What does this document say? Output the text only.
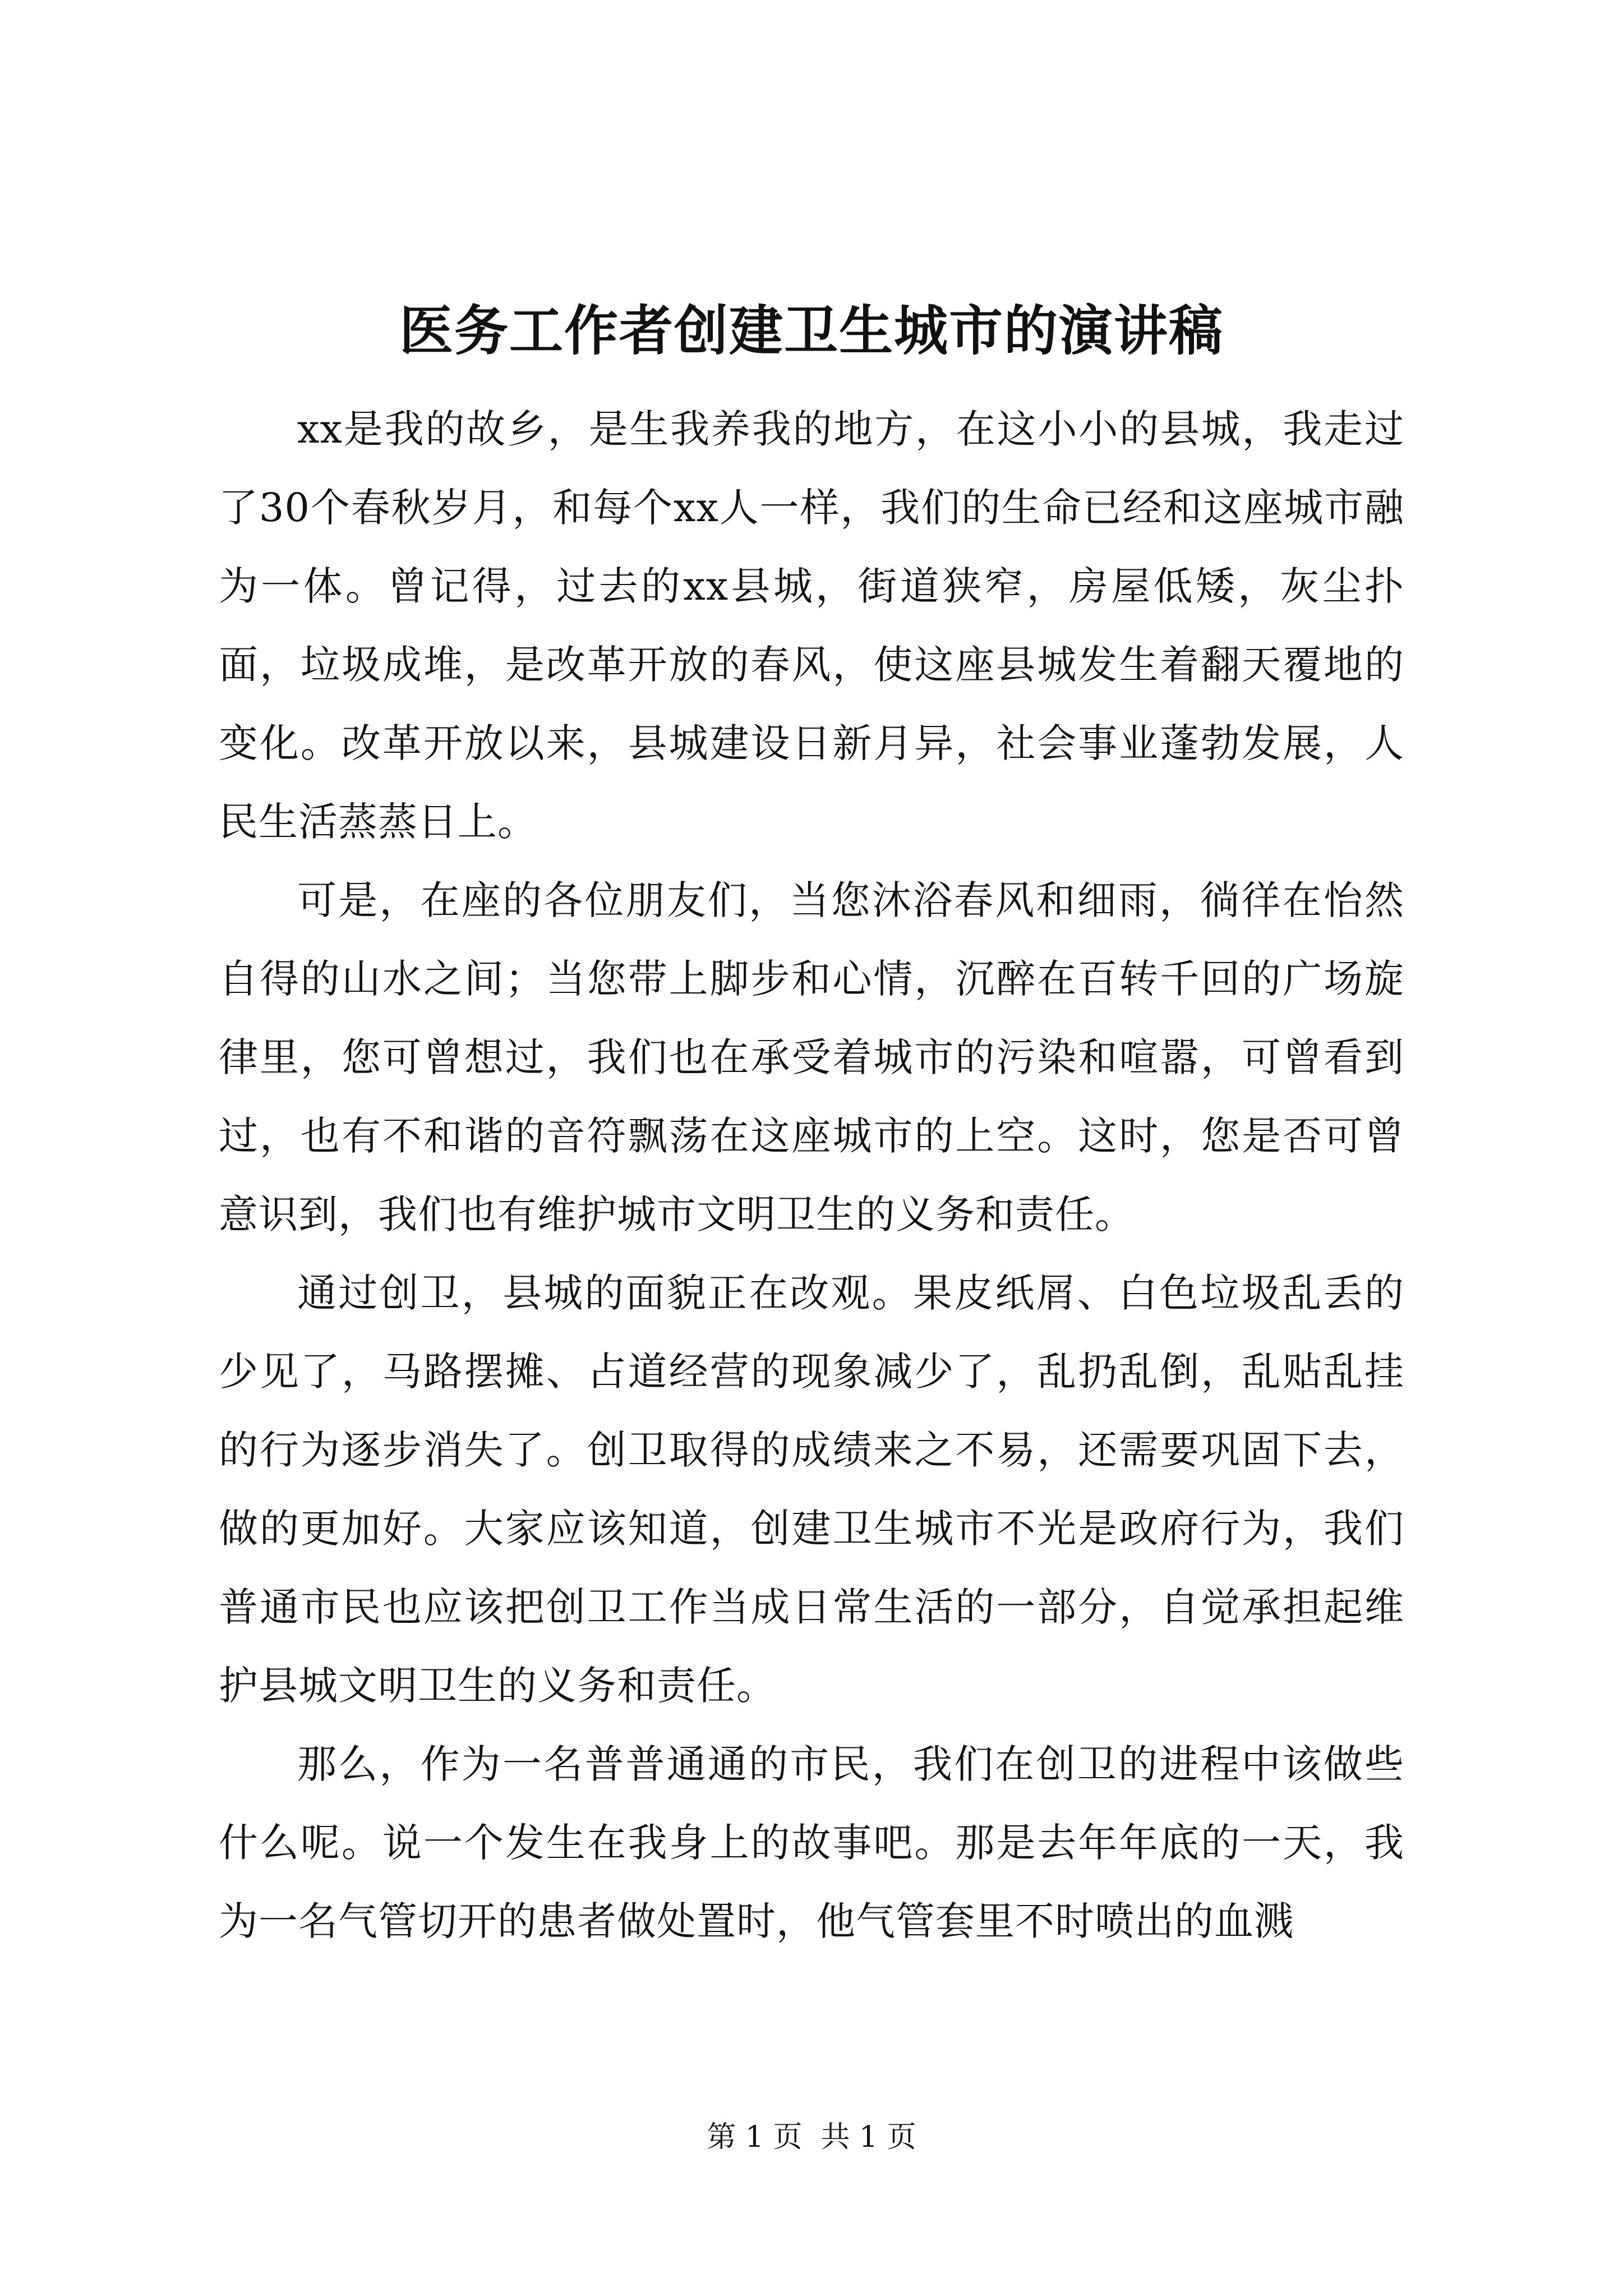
医务工作者创建卫生城市的演讲稿

xx是我的故乡，是生我养我的地方，在这小小的县城，我走过了30个春秋岁月，和每个xx人一样，我们的生命已经和这座城市融为一体。曾记得，过去的xx县城，街道狭窄，房屋低矮，灰尘扑面，垃圾成堆，是改革开放的春风，使这座县城发生着翻天覆地的变化。改革开放以来，县城建设日新月异，社会事业蓬勃发展，人民生活蒸蒸日上。

可是，在座的各位朋友们，当您沐浴春风和细雨，徜徉在怡然自得的山水之间；当您带上脚步和心情，沉醉在百转千回的广场旋律里，您可曾想过，我们也在承受着城市的污染和喧嚣，可曾看到过，也有不和谐的音符飘荡在这座城市的上空。这时，您是否可曾意识到，我们也有维护城市文明卫生的义务和责任。

通过创卫，县城的面貌正在改观。果皮纸屑、白色垃圾乱丢的少见了，马路摆摊、占道经营的现象减少了，乱扔乱倒，乱贴乱挂的行为逐步消失了。创卫取得的成绩来之不易，还需要巩固下去，做的更加好。大家应该知道，创建卫生城市不光是政府行为，我们普通市民也应该把创卫工作当成日常生活的一部分，自觉承担起维护县城文明卫生的义务和责任。

那么，作为一名普普通通的市民，我们在创卫的进程中该做些什么呢。说一个发生在我身上的故事吧。那是去年年底的一天，我为一名气管切开的患者做处置时，他气管套里不时喷出的血溅

第 1 页  共 1 页
